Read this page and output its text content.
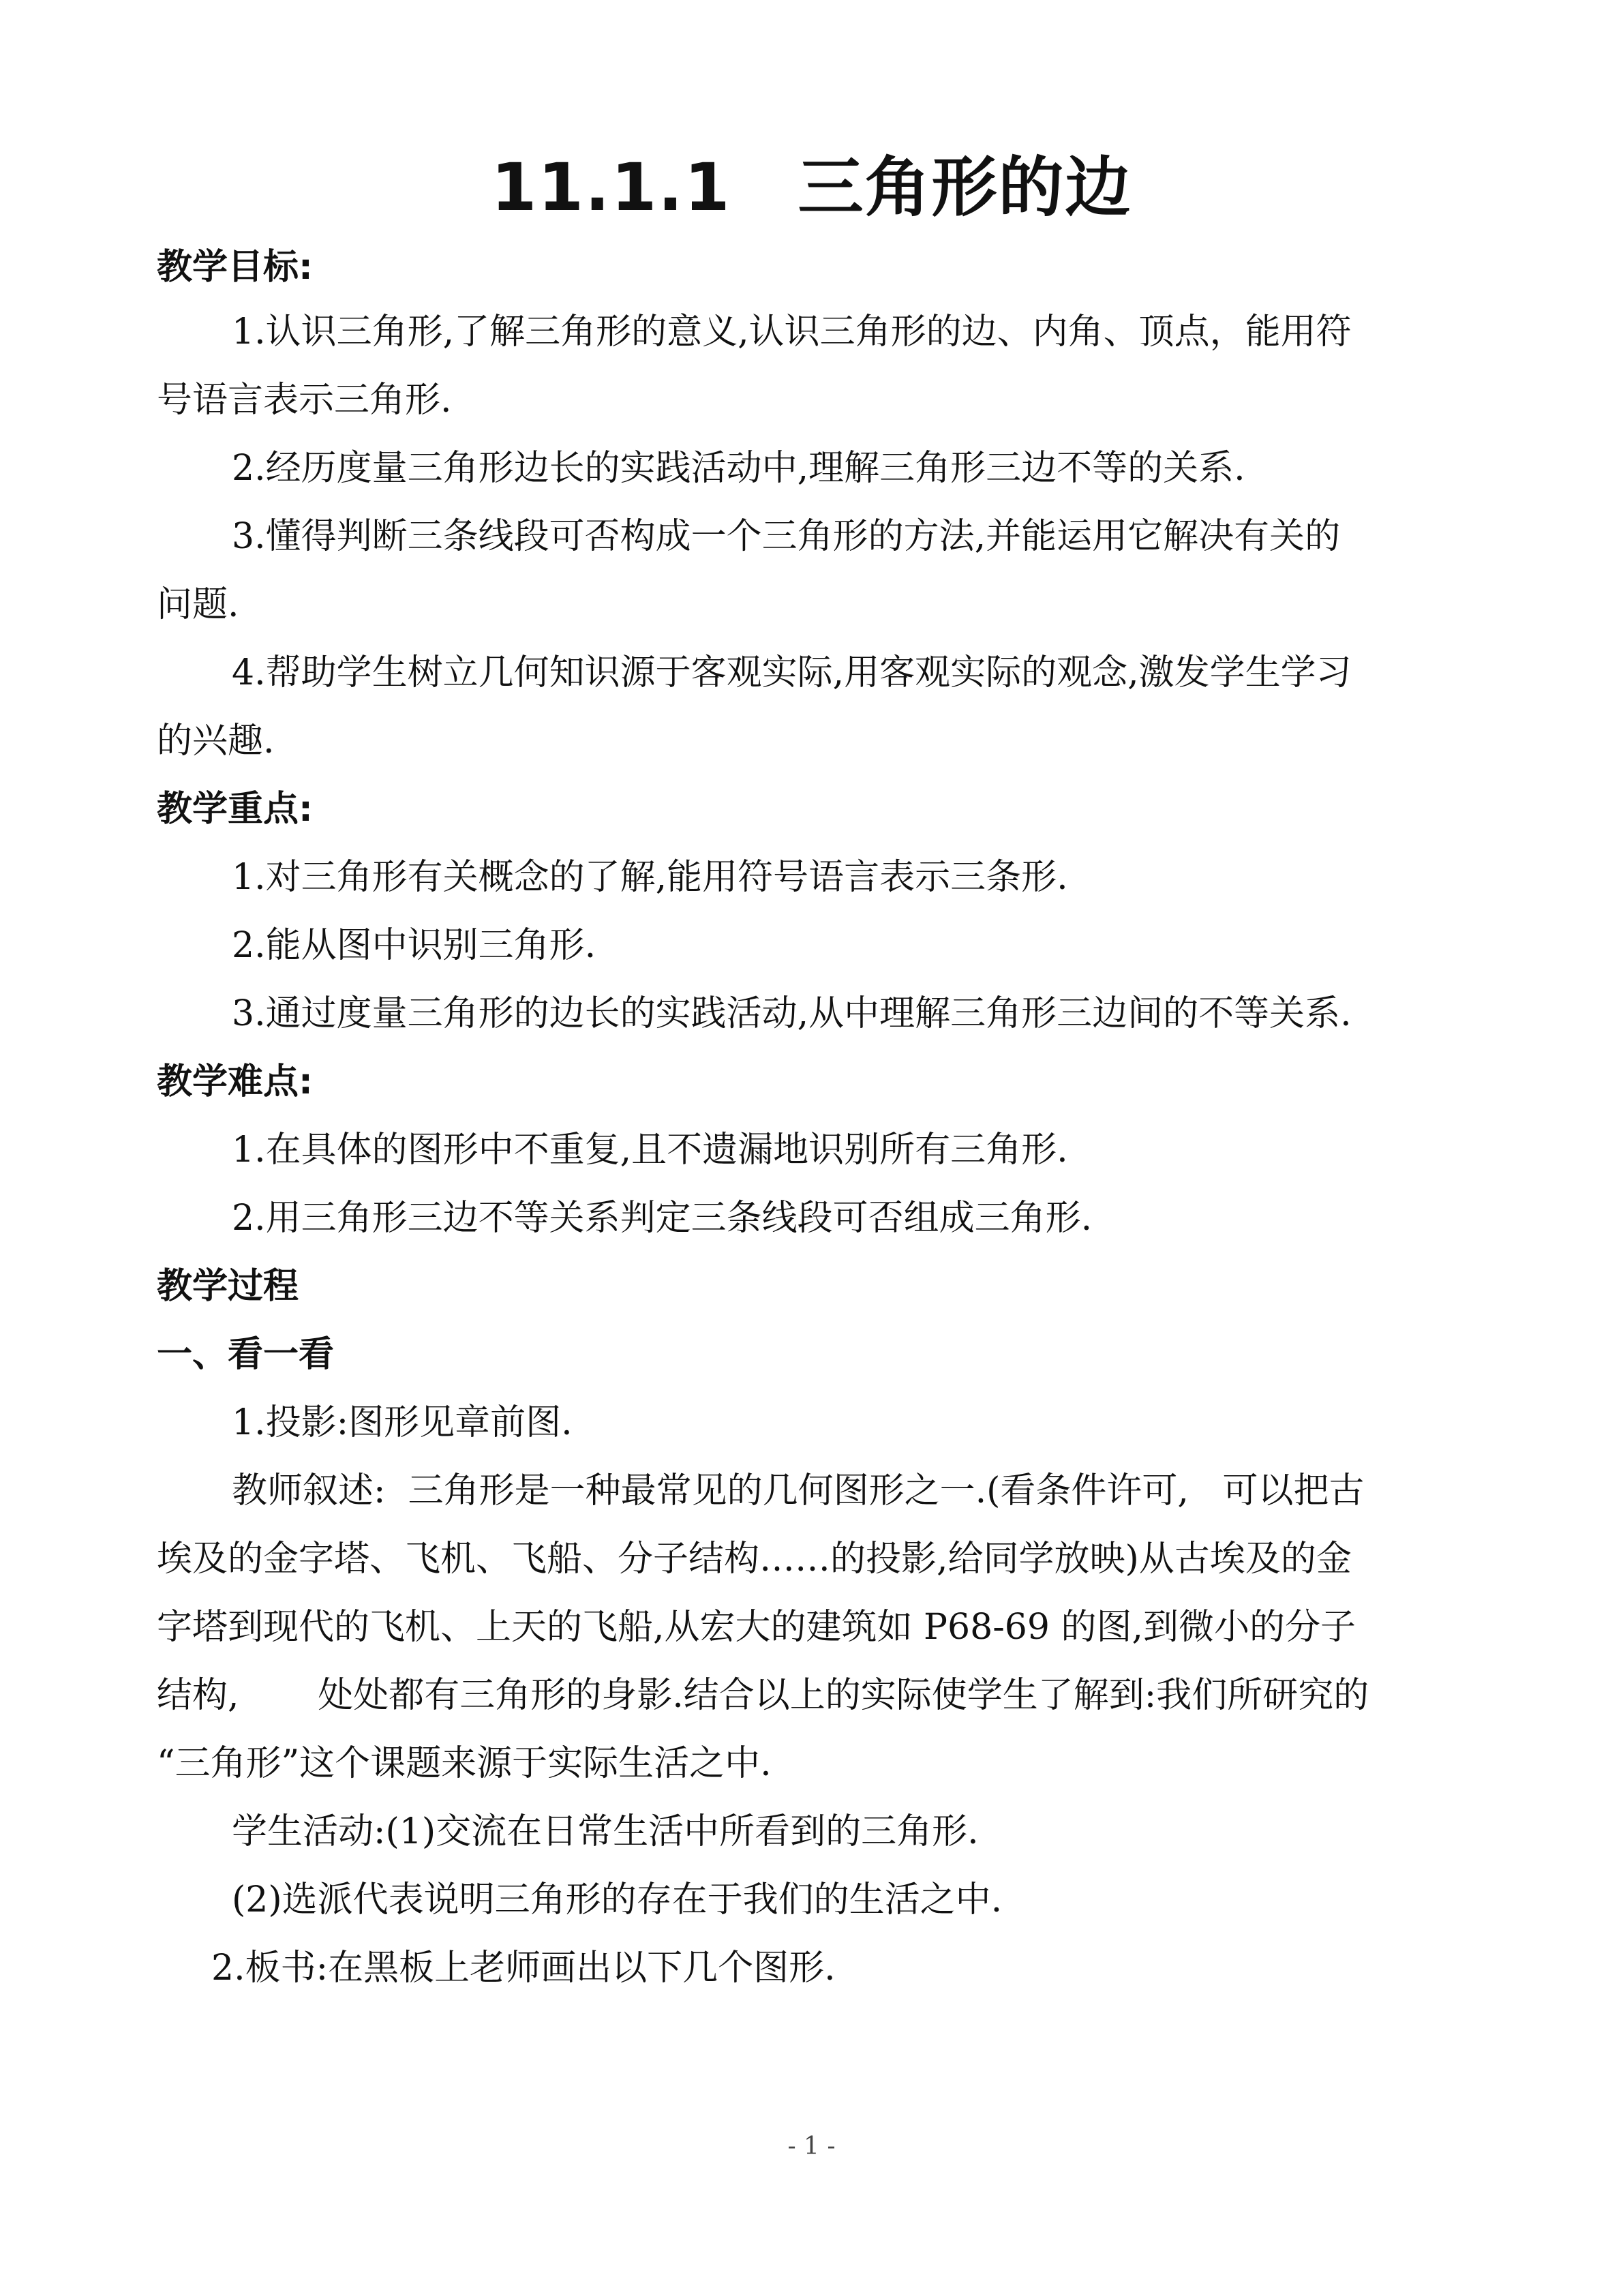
11.1.1　三角形的边
教学目标:
1.认识三角形,了解三角形的意义,认识三角形的边、内角、顶点，能用符
号语言表示三角形.
2.经历度量三角形边长的实践活动中,理解三角形三边不等的关系.
3.懂得判断三条线段可否构成一个三角形的方法,并能运用它解决有关的
问题.
4.帮助学生树立几何知识源于客观实际,用客观实际的观念,激发学生学习
的兴趣.
教学重点:
1.对三角形有关概念的了解,能用符号语言表示三条形.
2.能从图中识别三角形.
3.通过度量三角形的边长的实践活动,从中理解三角形三边间的不等关系.
教学难点:
1.在具体的图形中不重复,且不遗漏地识别所有三角形.
2.用三角形三边不等关系判定三条线段可否组成三角形.
教学过程
一、看一看
1.投影:图形见章前图.
教师叙述:  三角形是一种最常见的几何图形之一.(看条件许可,   可以把古
埃及的金字塔、飞机、飞船、分子结构……的投影,给同学放映)从古埃及的金
字塔到现代的飞机、上天的飞船,从宏大的建筑如 P68-69 的图,到微小的分子
结构,       处处都有三角形的身影.结合以上的实际使学生了解到:我们所研究的
“三角形”这个课题来源于实际生活之中.
学生活动:(1)交流在日常生活中所看到的三角形.
(2)选派代表说明三角形的存在于我们的生活之中.
2.板书:在黑板上老师画出以下几个图形.
- 1 -
